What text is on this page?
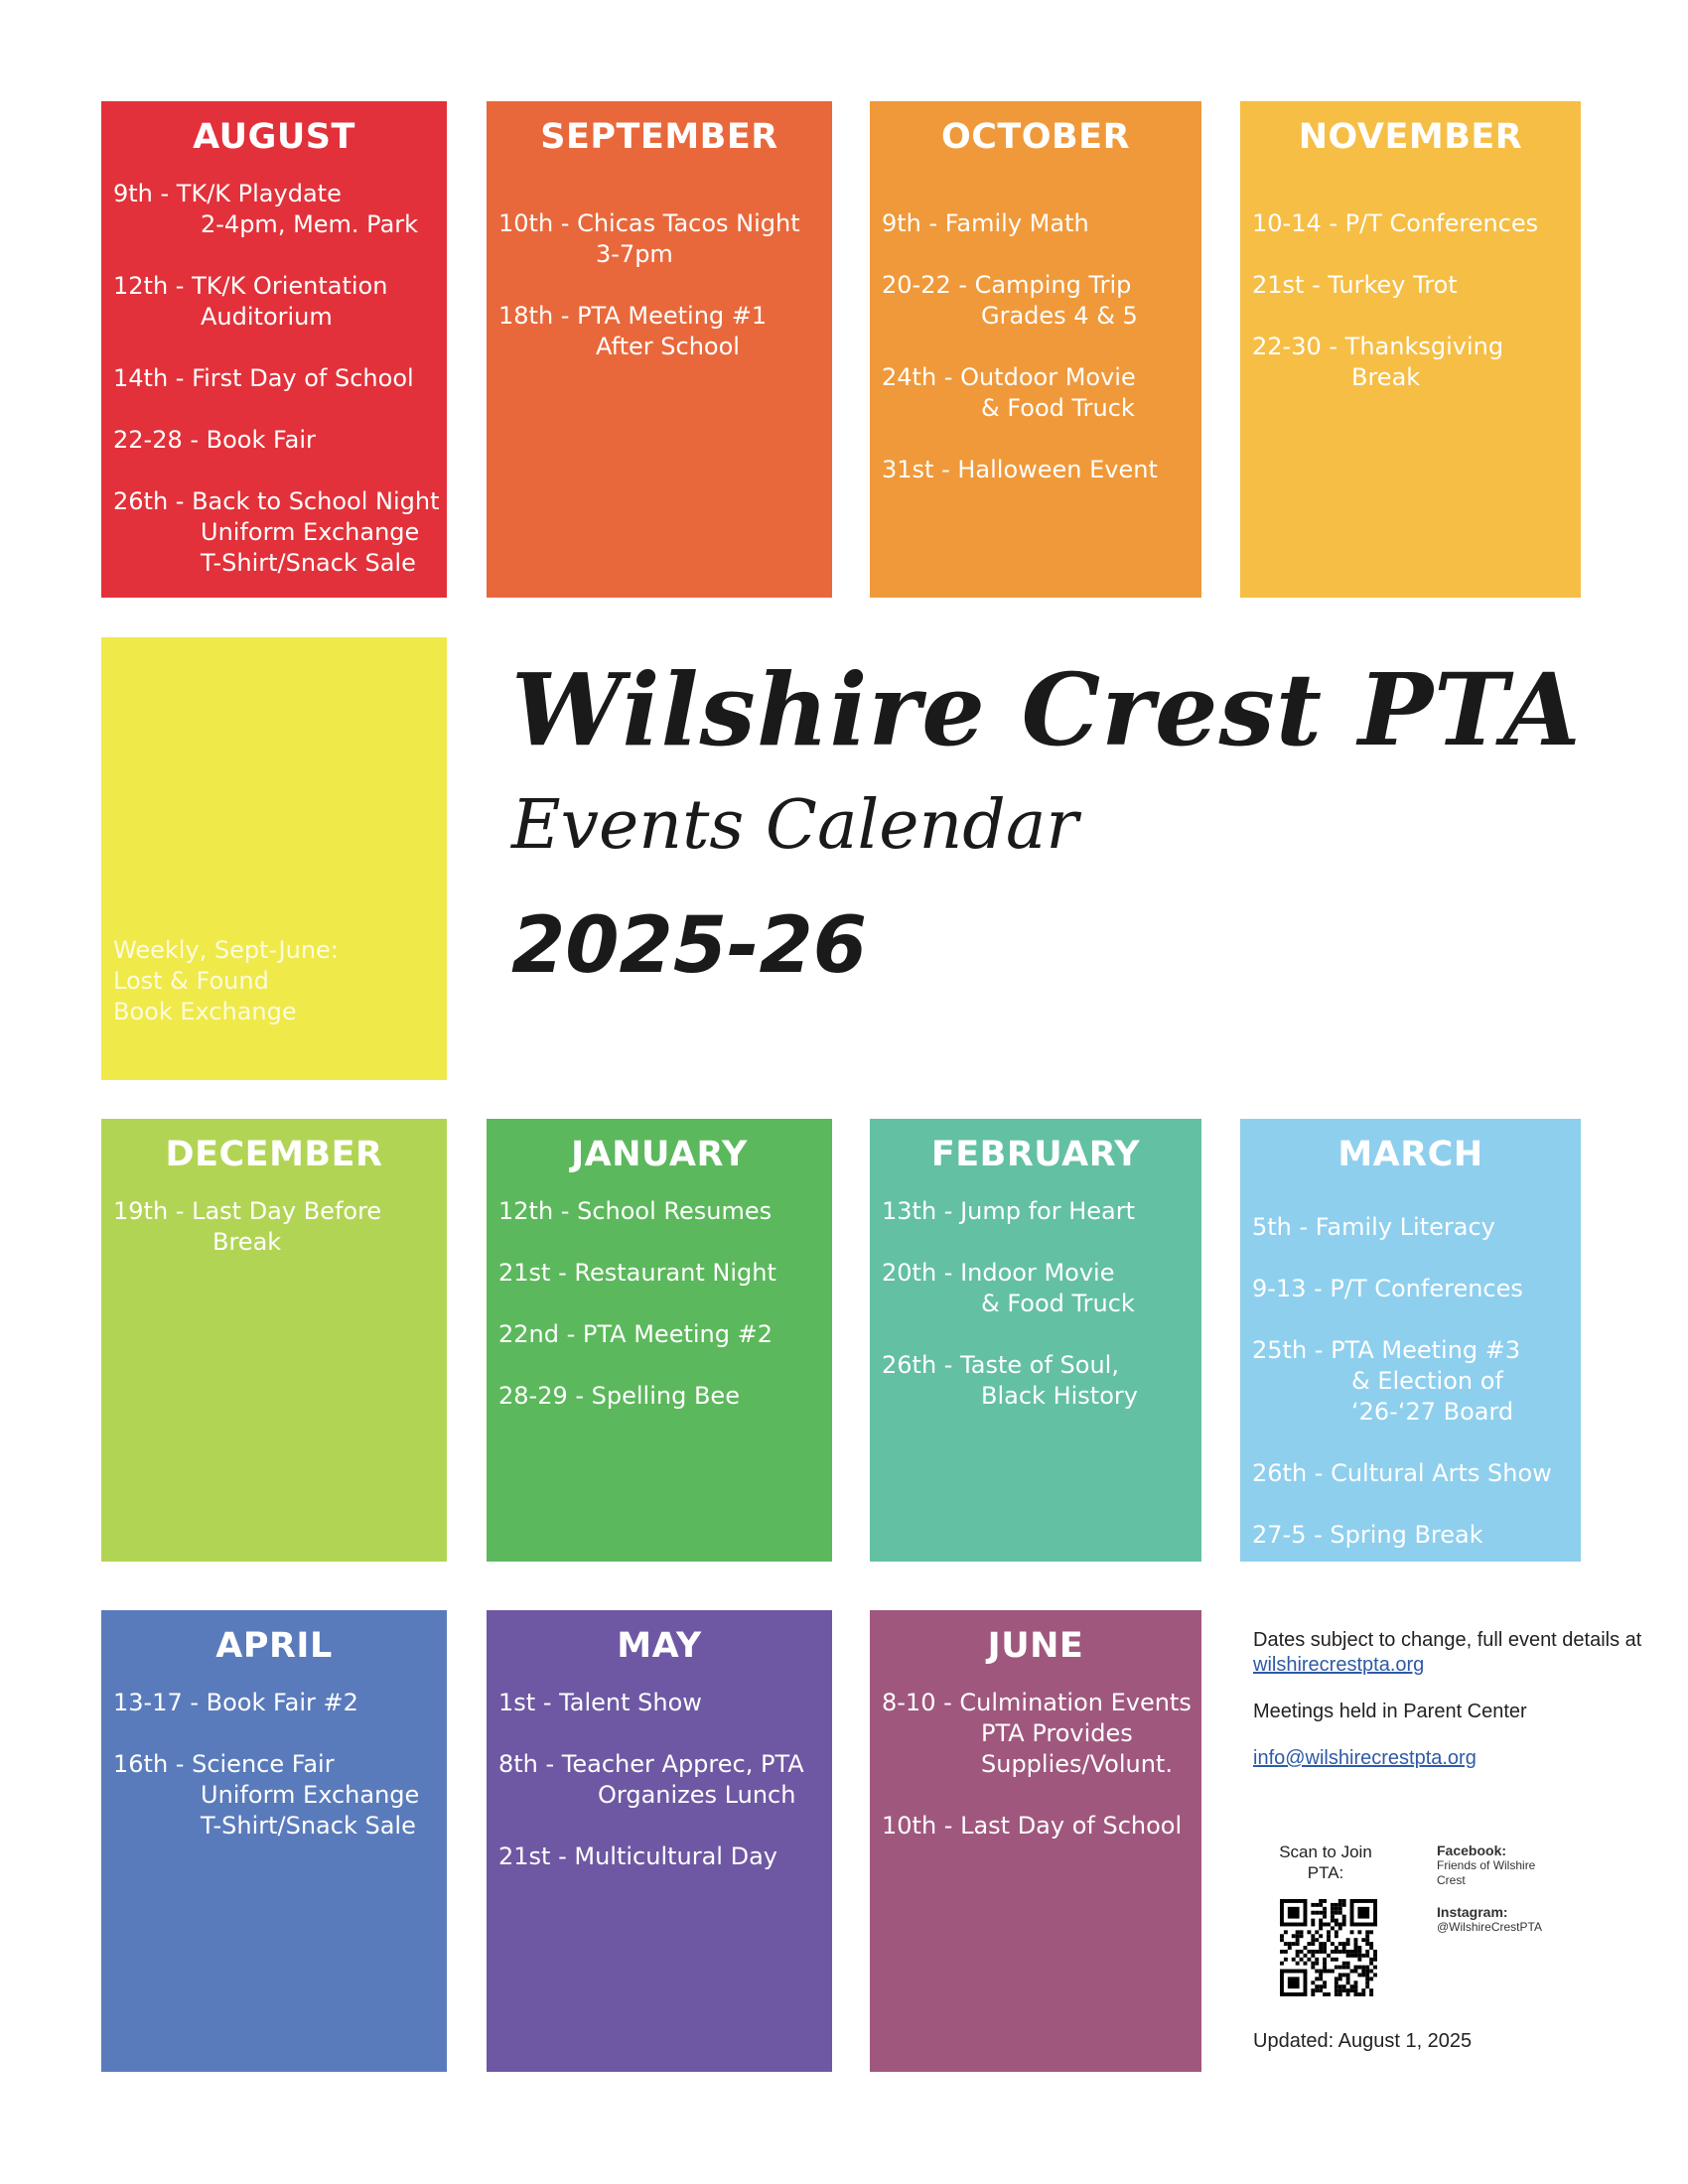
AUGUST
9th - TK/K Playdate
2-4pm, Mem. Park
12th - TK/K Orientation
Auditorium
14th - First Day of School
22-28 - Book Fair
26th - Back to School Night
Uniform Exchange
T-Shirt/Snack Sale
SEPTEMBER
10th - Chicas Tacos Night
3-7pm
18th - PTA Meeting #1
After School
OCTOBER
9th - Family Math
20-22 - Camping Trip
Grades 4 & 5
24th - Outdoor Movie
& Food Truck
31st - Halloween Event
NOVEMBER
10-14 - P/T Conferences
21st - Turkey Trot
22-30 - Thanksgiving
Break
Weekly, Sept-June:
Lost & Found
Book Exchange
DECEMBER
19th - Last Day Before
Break
JANUARY
12th - School Resumes
21st - Restaurant Night
22nd - PTA Meeting #2
28-29 - Spelling Bee
FEBRUARY
13th - Jump for Heart
20th - Indoor Movie
& Food Truck
26th - Taste of Soul,
Black History
MARCH
5th - Family Literacy
9-13 - P/T Conferences
25th - PTA Meeting #3
& Election of
‘26-‘27 Board
26th - Cultural Arts Show
27-5 - Spring Break
APRIL
13-17 - Book Fair #2
16th - Science Fair
Uniform Exchange
T-Shirt/Snack Sale
MAY
1st - Talent Show
8th - Teacher Apprec, PTA
Organizes Lunch
21st - Multicultural Day
JUNE
8-10 - Culmination Events
PTA Provides
Supplies/Volunt.
10th - Last Day of School
Wilshire Crest PTA
Events Calendar
2025-26
Dates subject to change, full event details at
wilshirecrestpta.org
Meetings held in Parent Center
info@wilshirecrestpta.org
Scan to Join PTA:
Facebook:
Friends of Wilshire Crest
Instagram:
@WilshireCrestPTA
Updated: August 1, 2025
